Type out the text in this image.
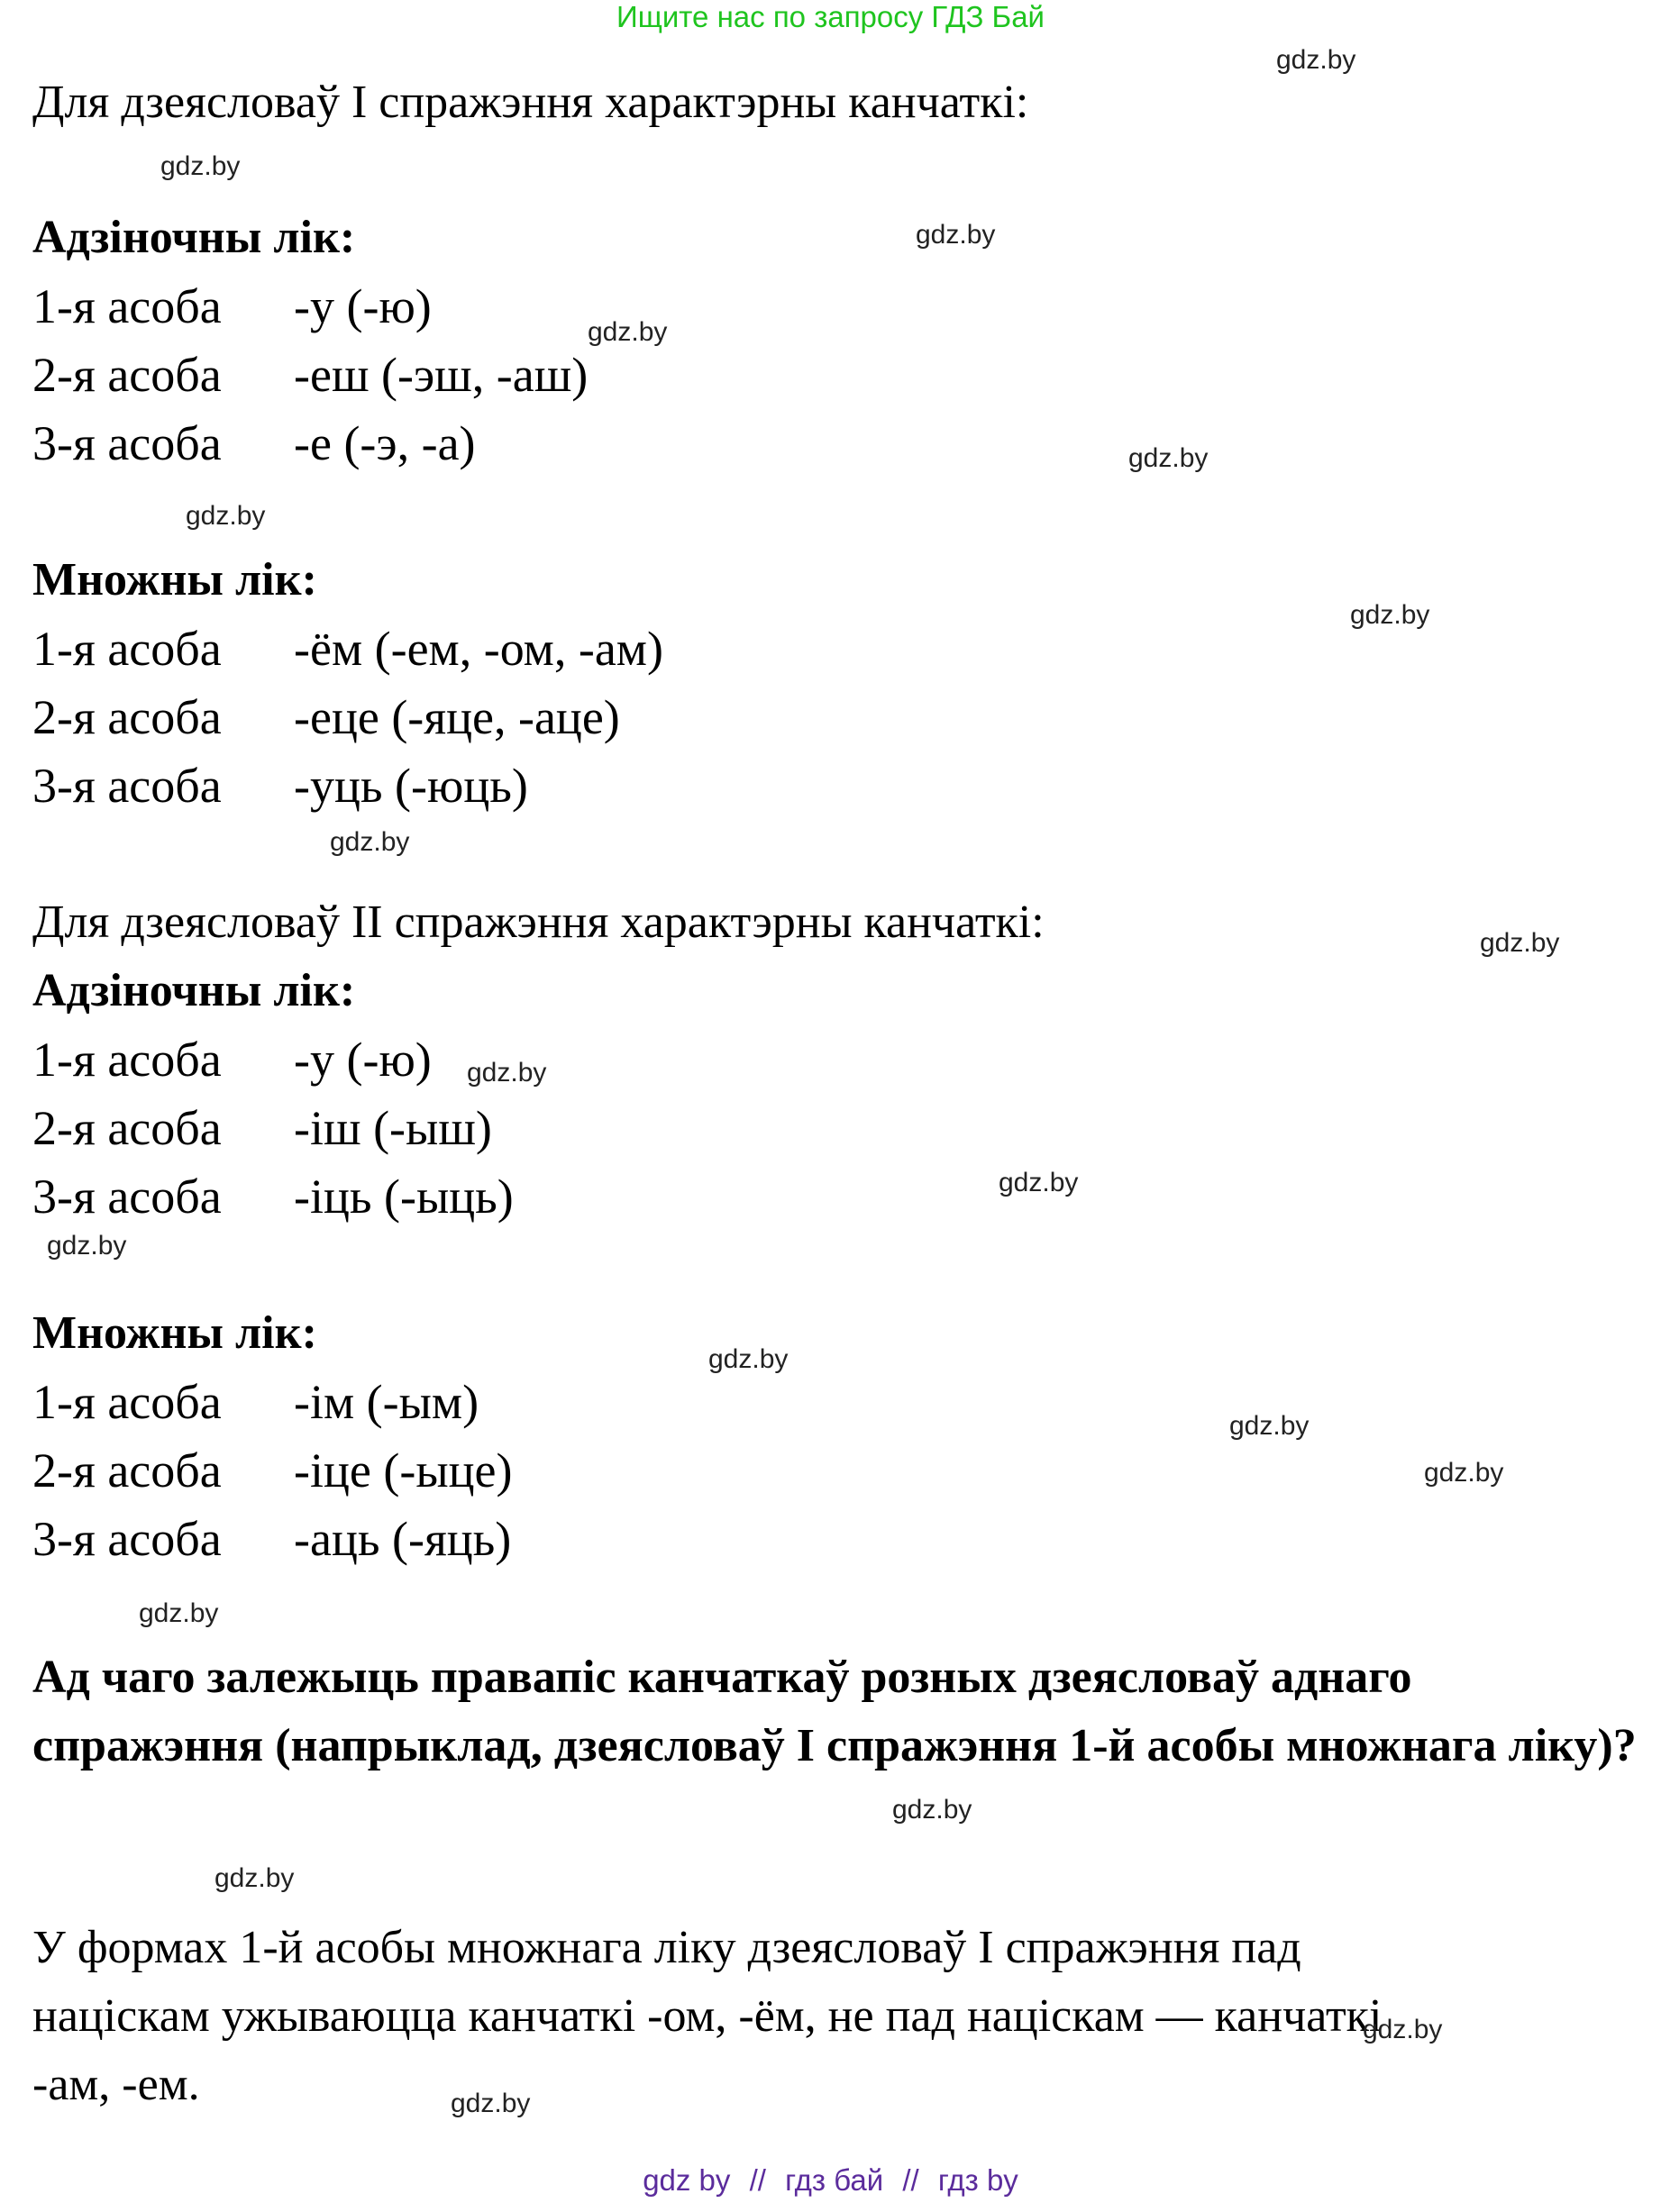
Ищите нас по запросу ГДЗ Бай
Для дзеясловаў I спражэння характэрны канчаткі:
Адзіночны лік:
1-я асоба -у (-ю)
2-я асоба -еш (-эш, -аш)
3-я асоба -е (-э, -а)
Множны лік:
1-я асоба -ём (-ем, -ом, -ам)
2-я асоба -еце (-яце, -аце)
3-я асоба -уць (-юць)
Для дзеясловаў II спражэння характэрны канчаткі:
Адзіночны лік:
1-я асоба -у (-ю)
2-я асоба -іш (-ыш)
3-я асоба -іць (-ыць)
Множны лік:
1-я асоба -ім (-ым)
2-я асоба -іце (-ыце)
3-я асоба -аць (-яць)
Ад чаго залежыць правапіс канчаткаў розных дзеясловаў аднаго спражэння (напрыклад, дзеясловаў I спражэння 1-й асобы множнага ліку)?
У формах 1-й асобы множнага ліку дзеясловаў I спражэння пад націскам ужываюцца канчаткі -ом, -ём, не пад націскам — канчаткі -ам, -ем.
gdz.by
gdz.by
gdz.by
gdz.by
gdz.by
gdz.by
gdz.by
gdz.by
gdz.by
gdz.by
gdz.by
gdz.by
gdz.by
gdz.by
gdz.by
gdz.by
gdz.by
gdz.by
gdz.by
gdz.by
gdz by // гдз бай // гдз by
